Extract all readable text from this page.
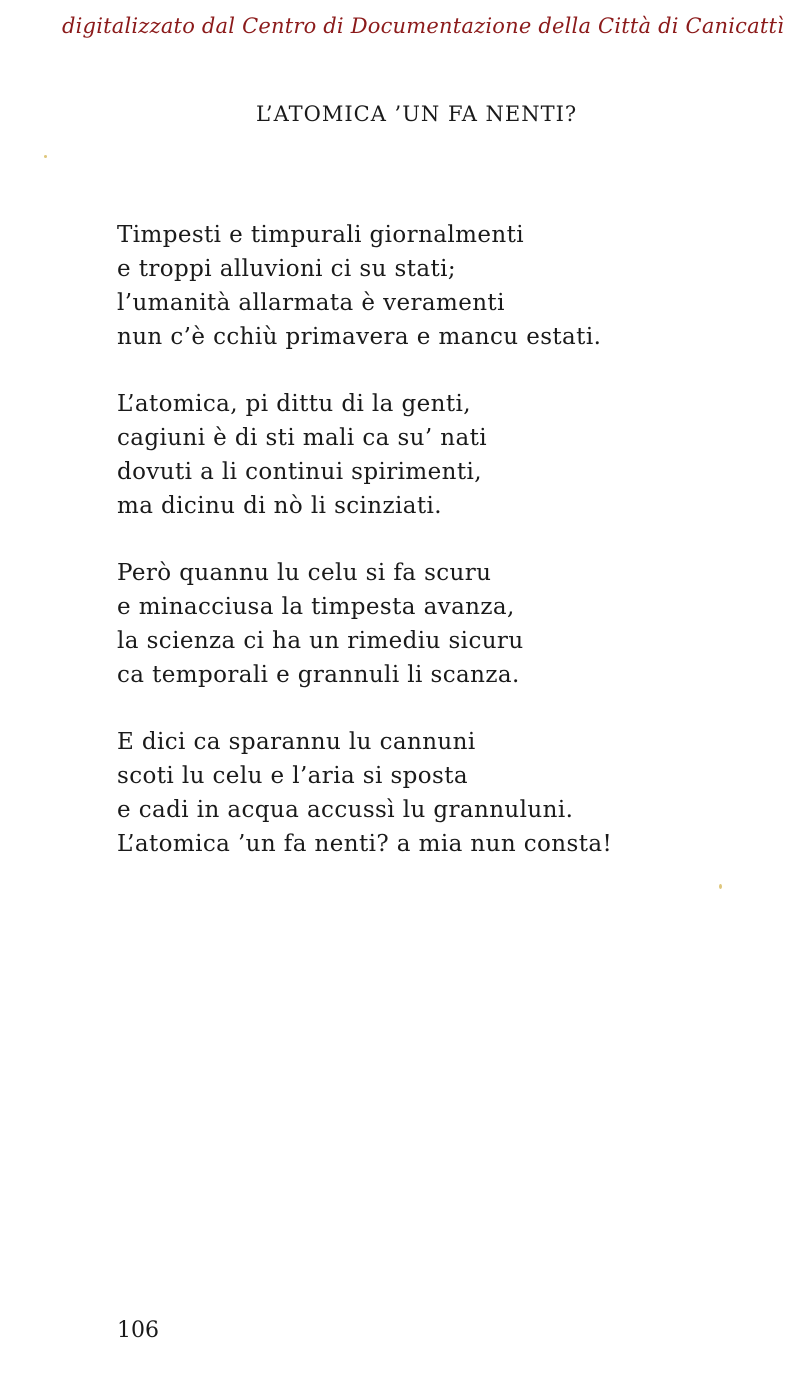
digitalizzato dal Centro di Documentazione della Città di Canicattì
L’ATOMICA ’UN FA NENTI?
Timpesti e timpurali giornalmenti
e troppi alluvioni ci su stati;
l’umanità allarmata è veramenti
nun c’è cchiù primavera e mancu estati.
L’atomica, pi dittu di la genti,
cagiuni è di sti mali ca su’ nati
dovuti a li continui spirimenti,
ma dicinu di nò li scinziati.
Però quannu lu celu si fa scuru
e minacciusa la timpesta avanza,
la scienza ci ha un rimediu sicuru
ca temporali e grannuli li scanza.
E dici ca sparannu lu cannuni
scoti lu celu e l’aria si sposta
e cadi in acqua accussì lu grannuluni.
L’atomica ’un fa nenti? a mia nun consta!
106
